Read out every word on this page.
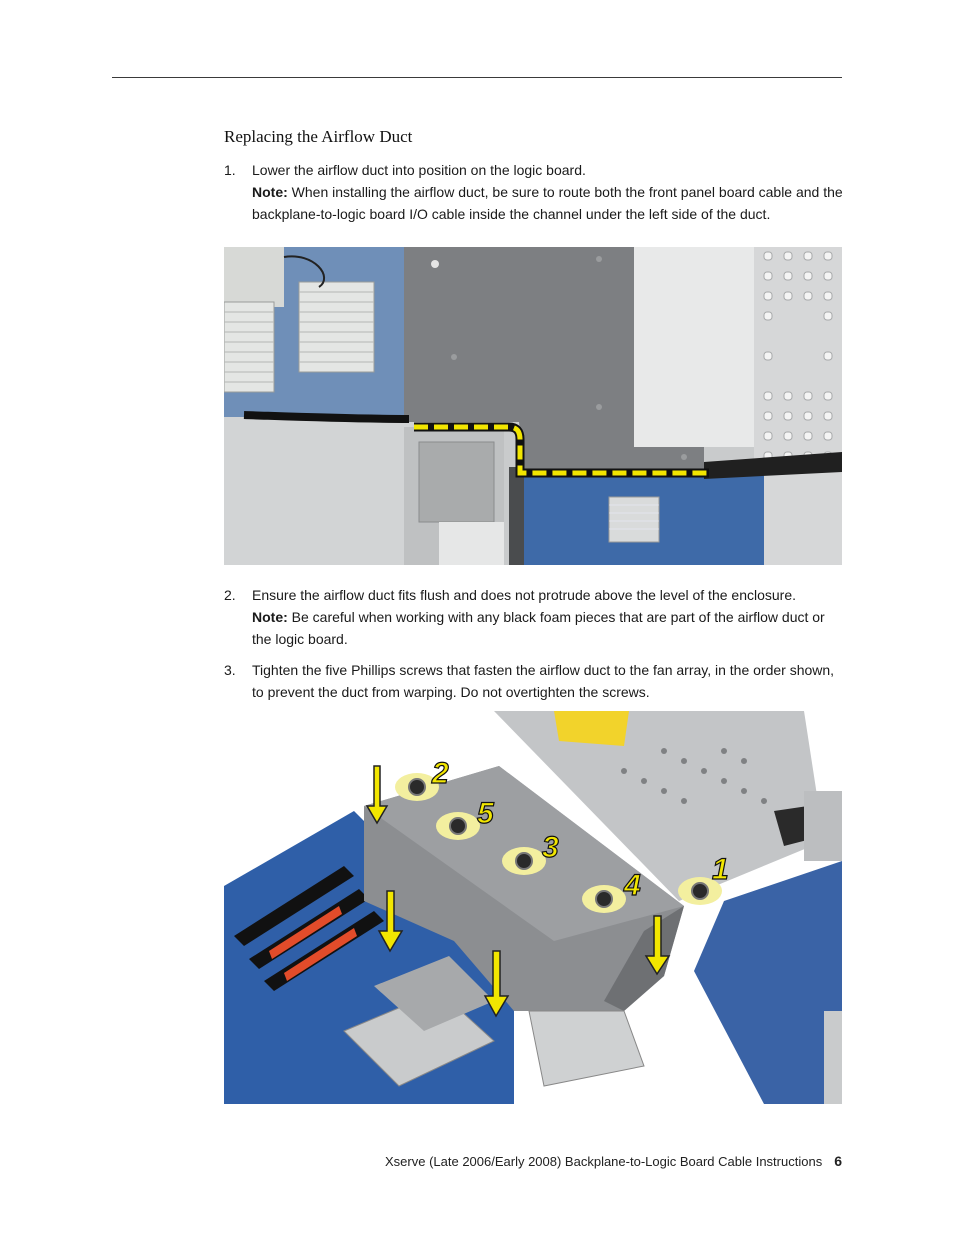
Replacing the Airflow Duct
1. Lower the airflow duct into position on the logic board.
Note: When installing the airflow duct, be sure to route both the front panel board cable and the backplane-to-logic board I/O cable inside the channel under the left side of the duct.
2. Ensure the airflow duct fits flush and does not protrude above the level of the enclosure.
Note: Be careful when working with any black foam pieces that are part of the airflow duct or the logic board.
3. Tighten the five Phillips screws that fasten the airflow duct to the fan array, in the order shown, to prevent the duct from warping. Do not overtighten the screws.
2
5
3
4 1
Xserve (Late 2006/Early 2008) Backplane-to-Logic Board Cable Instructions 6
